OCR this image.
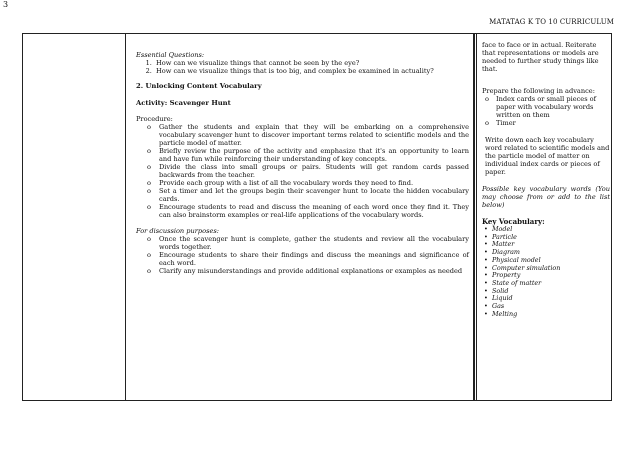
3
MATATAG K TO 10 CURRICULUM
Essential Questions:
1. How can we visualize things that cannot be seen by the eye?
2. How can we visualize things that is too big, and complex be examined in actuality?
2. Unlocking Content Vocabulary
Activity: Scavenger Hunt
Procedure:
o Gather the students and explain that they will be embarking on a comprehensive vocabulary scavenger hunt to discover important terms related to scientific models and the particle model of matter.
o Briefly review the purpose of the activity and emphasize that it's an opportunity to learn and have fun while reinforcing their understanding of key concepts.
o Divide the class into small groups or pairs. Students will get random cards passed backwards from the teacher.
o Provide each group with a list of all the vocabulary words they need to find.
o Set a timer and let the groups begin their scavenger hunt to locate the hidden vocabulary cards.
o Encourage students to read and discuss the meaning of each word once they find it. They can also brainstorm examples or real-life applications of the vocabulary words.
For discussion purposes:
o Once the scavenger hunt is complete, gather the students and review all the vocabulary words together.
o Encourage students to share their findings and discuss the meanings and significance of each word.
o Clarify any misunderstandings and provide additional explanations or examples as needed
face to face or in actual. Reiterate that representations or models are needed to further study things like that.
Prepare the following in advance:
o Index cards or small pieces of paper with vocabulary words written on them
o Timer
Write down each key vocabulary word related to scientific models and the particle model of matter on individual index cards or pieces of paper.
Possible key vocabulary words (You may choose from or add to the list below)
Key Vocabulary:
• Model
• Particle
• Matter
• Diagram
• Physical model
• Computer simulation
• Property
• State of matter
• Solid
• Liquid
• Gas
• Melting
